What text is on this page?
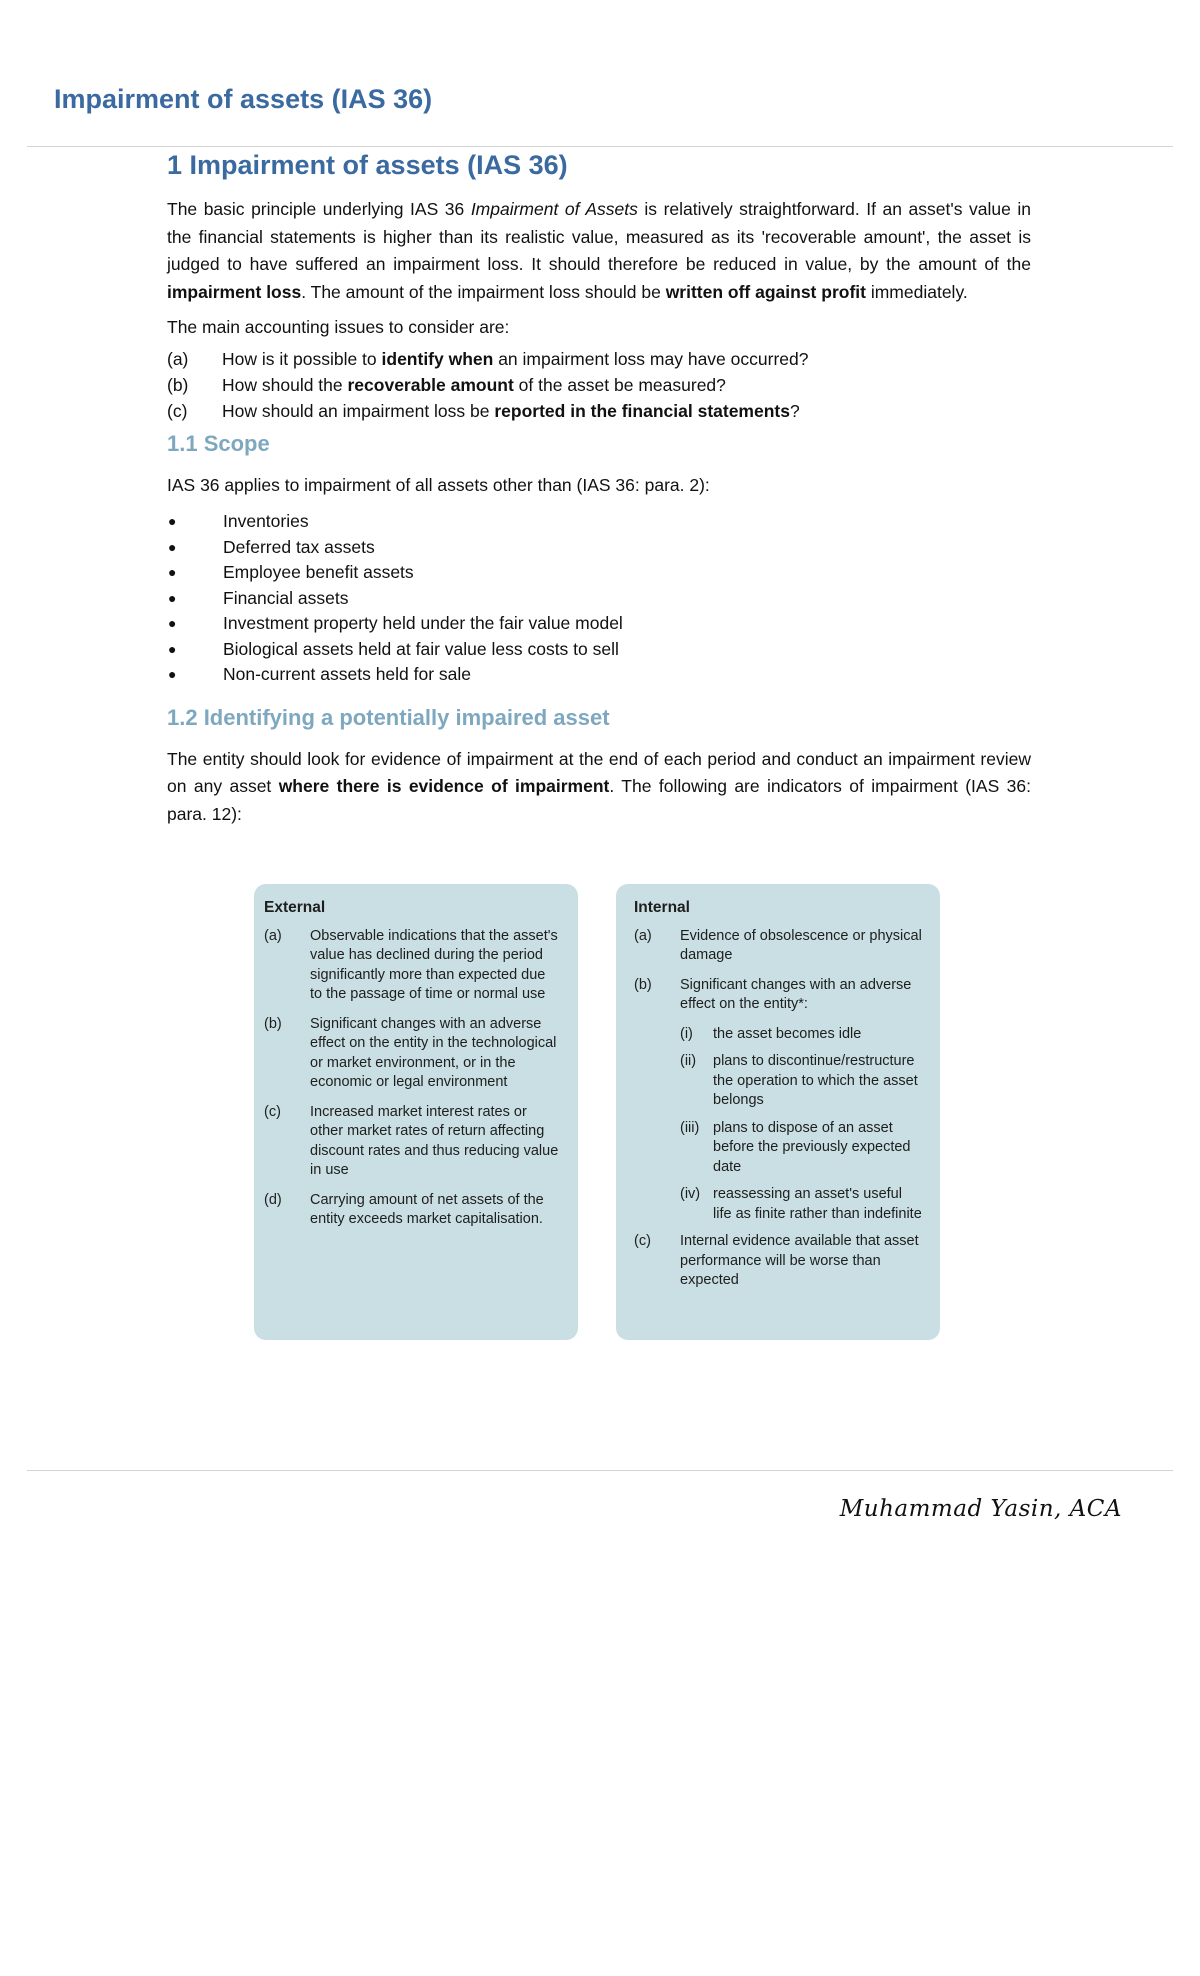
Impairment of assets (IAS 36)
1 Impairment of assets (IAS 36)

The basic principle underlying IAS 36 Impairment of Assets is relatively straightforward. If an asset's value in the financial statements is higher than its realistic value, measured as its 'recoverable amount', the asset is judged to have suffered an impairment loss. It should therefore be reduced in value, by the amount of the impairment loss. The amount of the impairment loss should be written off against profit immediately.

The main accounting issues to consider are:

(a)	How is it possible to identify when an impairment loss may have occurred?
(b)	How should the recoverable amount of the asset be measured?
(c)	How should an impairment loss be reported in the financial statements?
1.1 Scope

IAS 36 applies to impairment of all assets other than (IAS 36: para. 2):

●	Inventories
●	Deferred tax assets
●	Employee benefit assets
●	Financial assets
●	Investment property held under the fair value model
●	Biological assets held at fair value less costs to sell
●	Non-current assets held for sale
1.2 Identifying a potentially impaired asset

The entity should look for evidence of impairment at the end of each period and conduct an impairment review on any asset where there is evidence of impairment. The following are indicators of impairment (IAS 36: para. 12):

External
(a)	Observable indications that the asset's value has declined during the period significantly more than expected due to the passage of time or normal use
(b)	Significant changes with an adverse effect on the entity in the technological or market environment, or in the economic or legal environment
(c)	Increased market interest rates or other market rates of return affecting discount rates and thus reducing value in use
(d)	Carrying amount of net assets of the entity exceeds market capitalisation.
Internal
(a)	Evidence of obsolescence or physical damage
(b)	Significant changes with an adverse effect on the entity*:
(i)	the asset becomes idle
(ii)	plans to discontinue/restructure the operation to which the asset belongs
(iii) plans to dispose of an asset before the previously expected date
(iv) reassessing an asset's useful life as finite rather than indefinite
(c)	Internal evidence available that asset performance will be worse than expected

Muhammad Yasin, ACA
